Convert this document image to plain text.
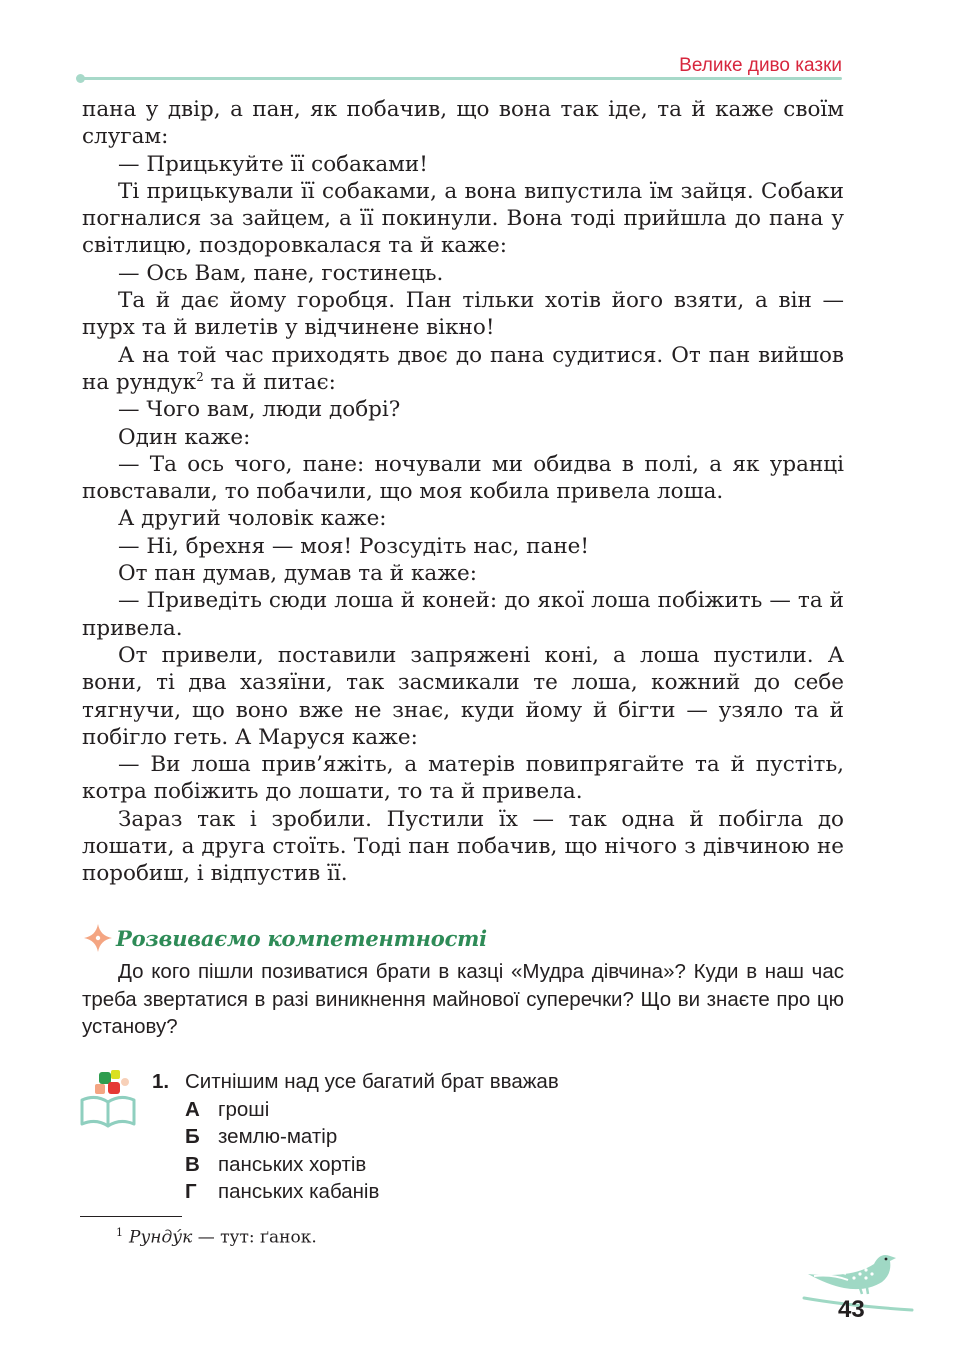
Велике диво казки

пана у двір, а пан, як побачив, що вона так іде, та й каже своїм слугам:

— Прицькуйте її собаками!

Ті прицькували її собаками, а вона випустила їм зайця. Собаки погналися за зайцем, а її покинули. Вона тоді прийшла до пана у світлицю, поздоровкалася та й каже:

— Ось Вам, пане, гостинець.

Та й дає йому горобця. Пан тільки хотів його взяти, а він — пурх та й вилетів у відчинене вікно!

А на той час приходять двоє до пана судитися. От пан вийшов на рундук$^2$ та й питає:

— Чого вам, люди добрі?

Один каже:

— Та ось чого, пане: ночували ми обидва в полі, а як уранці повставали, то побачили, що моя кобила привела лоша.

А другий чоловік каже:

— Ні, брехня — моя! Розсудіть нас, пане!

От пан думав, думав та й каже:

— Приведіть сюди лоша й коней: до якої лоша побіжить — та й привела.

От привели, поставили запряжені коні, а лоша пустили. А вони, ті два хазяїни, так засмикали те лоша, кожний до себе тягнучи, що воно вже не знає, куди йому й бігти — узяло та й побігло геть. А Маруся каже:

— Ви лоша прив’яжіть, а матерів повипрягайте та й пустіть, котра побіжить до лошати, то та й привела.

Зараз так і зробили. Пустили їх — так одна й побігла до лошати, а друга стоїть. Тоді пан побачив, що нічого з дівчиною не поробиш, і відпустив її.

Розвиваємо компетентності

До кого пішли позиватися брати в казці «Мудра дівчина»? Куди в наш час треба звертатися в разі виникнення майнової суперечки? Що ви знаєте про цю установу?

1. Ситнішим над усе багатий брат вважав
А гроші
Б землю-матір
В панських хортів
Г панських кабанів
$^1$ Рунду́к — тут: ґанок.
43
